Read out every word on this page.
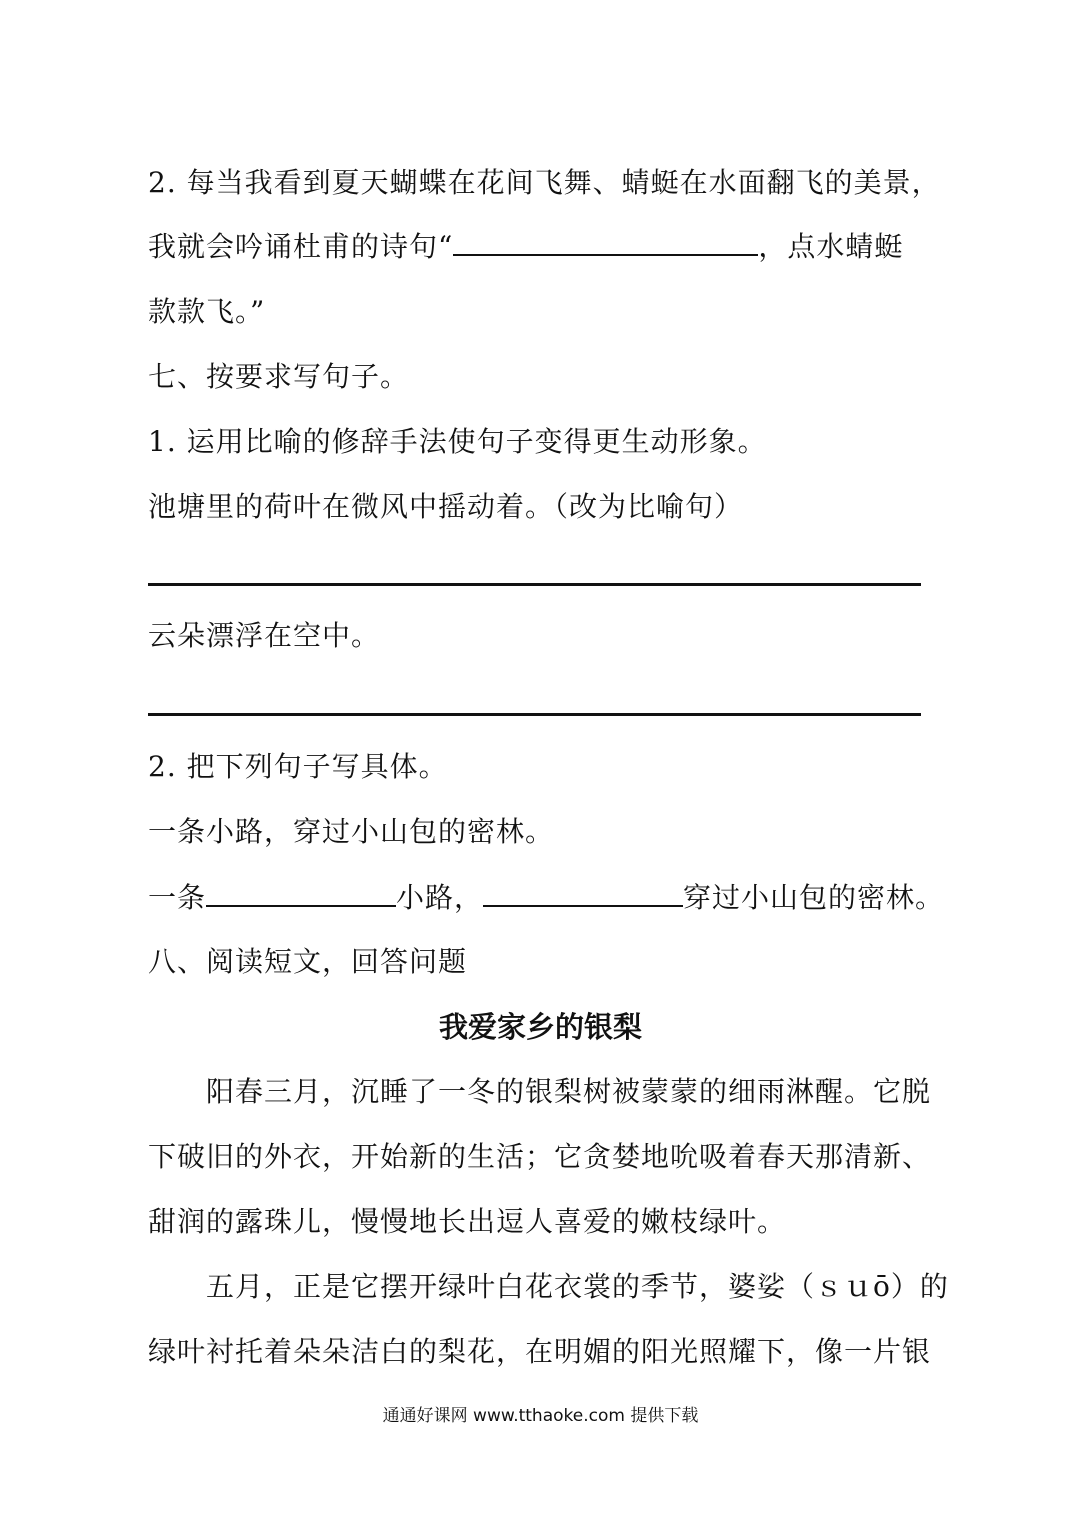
2. 每当我看到夏天蝴蝶在花间飞舞、蜻蜓在水面翻飞的美景，
我就会吟诵杜甫的诗句“	，点水蜻蜓
款款飞。”
七、按要求写句子。
1. 运用比喻的修辞手法使句子变得更生动形象。
池塘里的荷叶在微风中摇动着。（改为比喻句）
云朵漂浮在空中。
2. 把下列句子写具体。
一条小路，穿过小山包的密林。
一条	小路，	穿过小山包的密林。
八、阅读短文，回答问题
我爱家乡的银梨
阳春三月，沉睡了一冬的银梨树被蒙蒙的细雨淋醒。它脱
下破旧的外衣，开始新的生活；它贪婪地吮吸着春天那清新、
甜润的露珠儿，慢慢地长出逗人喜爱的嫩枝绿叶。
五月，正是它摆开绿叶白花衣裳的季节，婆娑（ｓｕō）的
绿叶衬托着朵朵洁白的梨花，在明媚的阳光照耀下，像一片银
通通好课网 www.tthaoke.com 提供下载
